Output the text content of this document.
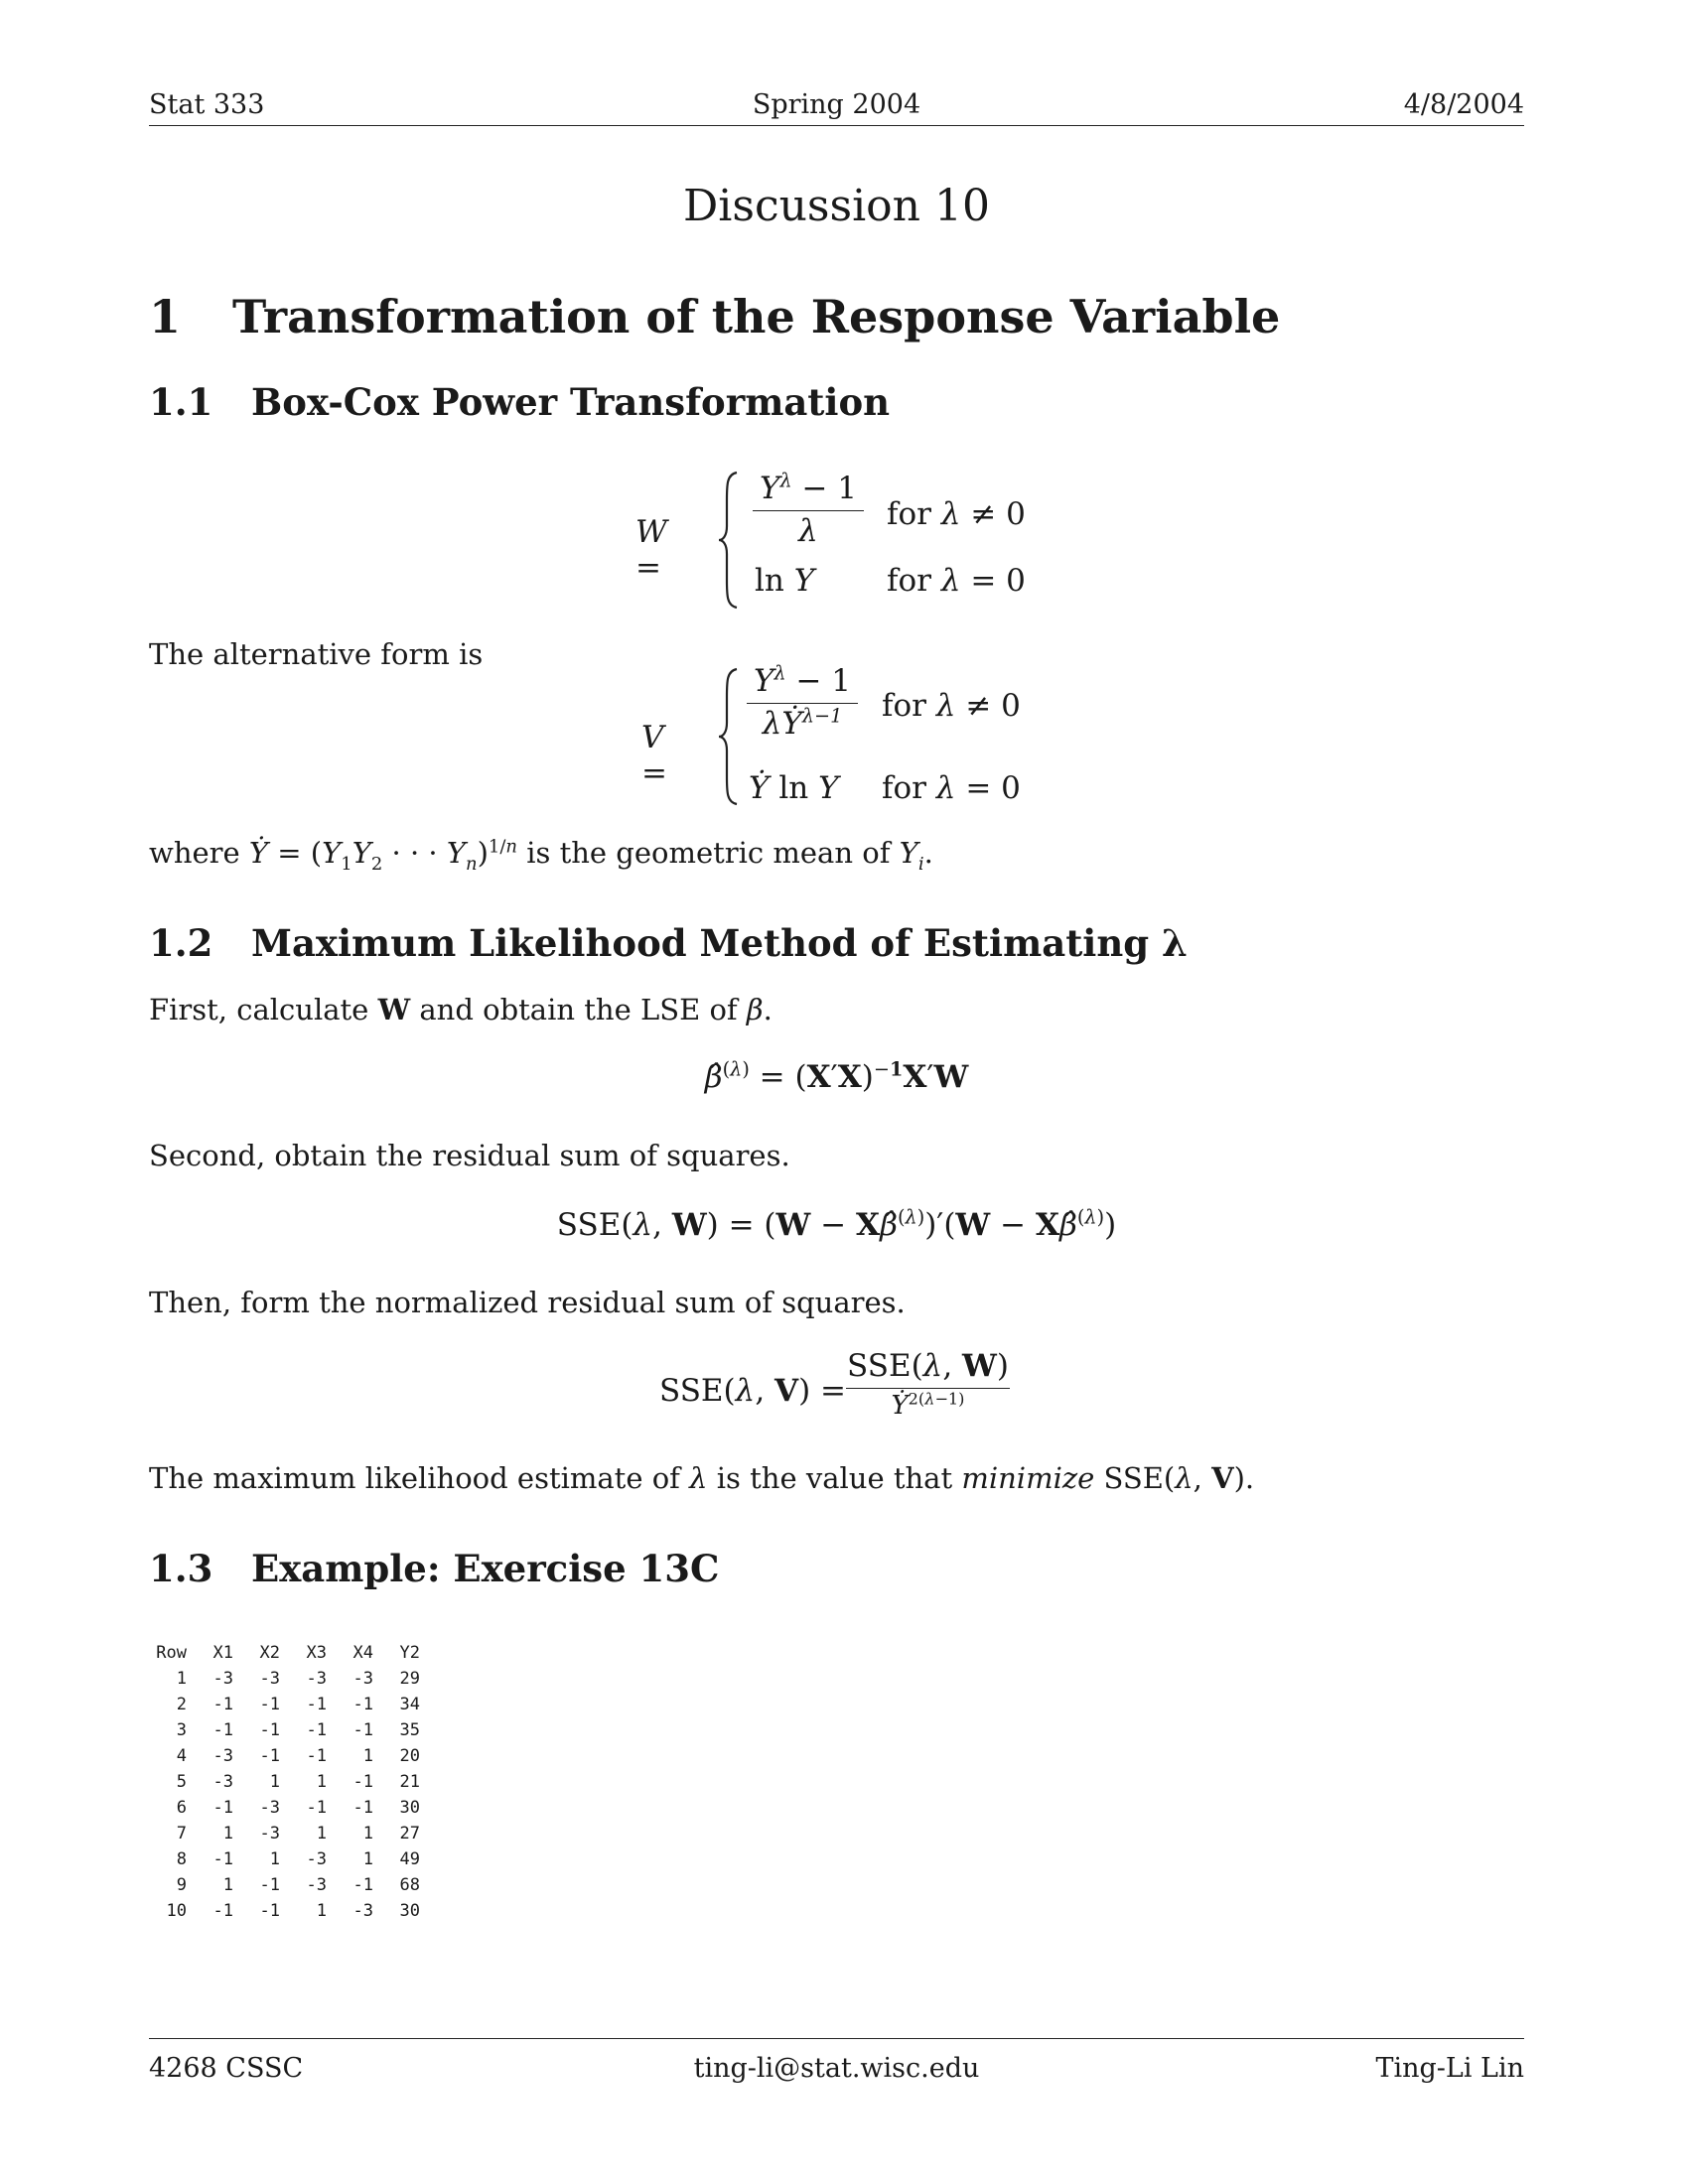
Stat 333	Spring 2004	4/8/2004
Discussion 10
1 Transformation of the Response Variable
1.1 Box-Cox Power Transformation
W =
$Y^\lambda - 1$
λ	for λ ≠ 0
ln Y for λ = 0
The alternative form is
V =
$Y^\lambda - 1$
λẎ$^{\lambda-1}$	for λ ≠ 0
Ẏ ln Y for λ = 0
where Ẏ = ($Y_1Y_2$ · · · $Y_n)^{1/n}$ is the geometric mean of $Y_i$.
1.2 Maximum Likelihood Method of Estimating λ
First, calculate W and obtain the LSE of β.
β̂$^{(\lambda)}$ = $(X'X)^{-1}X'W$
Second, obtain the residual sum of squares.
SSE(λ, W) = (W − Xβ̂$^{(\lambda)}$)′(W − Xβ̂$^{(\lambda)}$)
Then, form the normalized residual sum of squares.
SSE(λ, V) =
SSE(λ, W)
Ẏ$^{2(\lambda-1)}$
The maximum likelihood estimate of λ is the value that minimize SSE(λ, V).
1.3 Example: Exercise 13C
Row	X1	X2	X3	X4	Y2
1	-3	-3	-3	-3	29
2	-1	-1	-1	-1	34
3	-1	-1	-1	-1	35
4	-3	-1	-1	1	20
5	-3	1	1	-1	21
6	-1	-3	-1	-1	30
7	1	-3	1	1	27
8	-1	1	-3	1	49
9	1	-1	-3	-1	68
10	-1	-1	1	-3	30
4268 CSSC	ting-li@stat.wisc.edu	Ting-Li Lin
